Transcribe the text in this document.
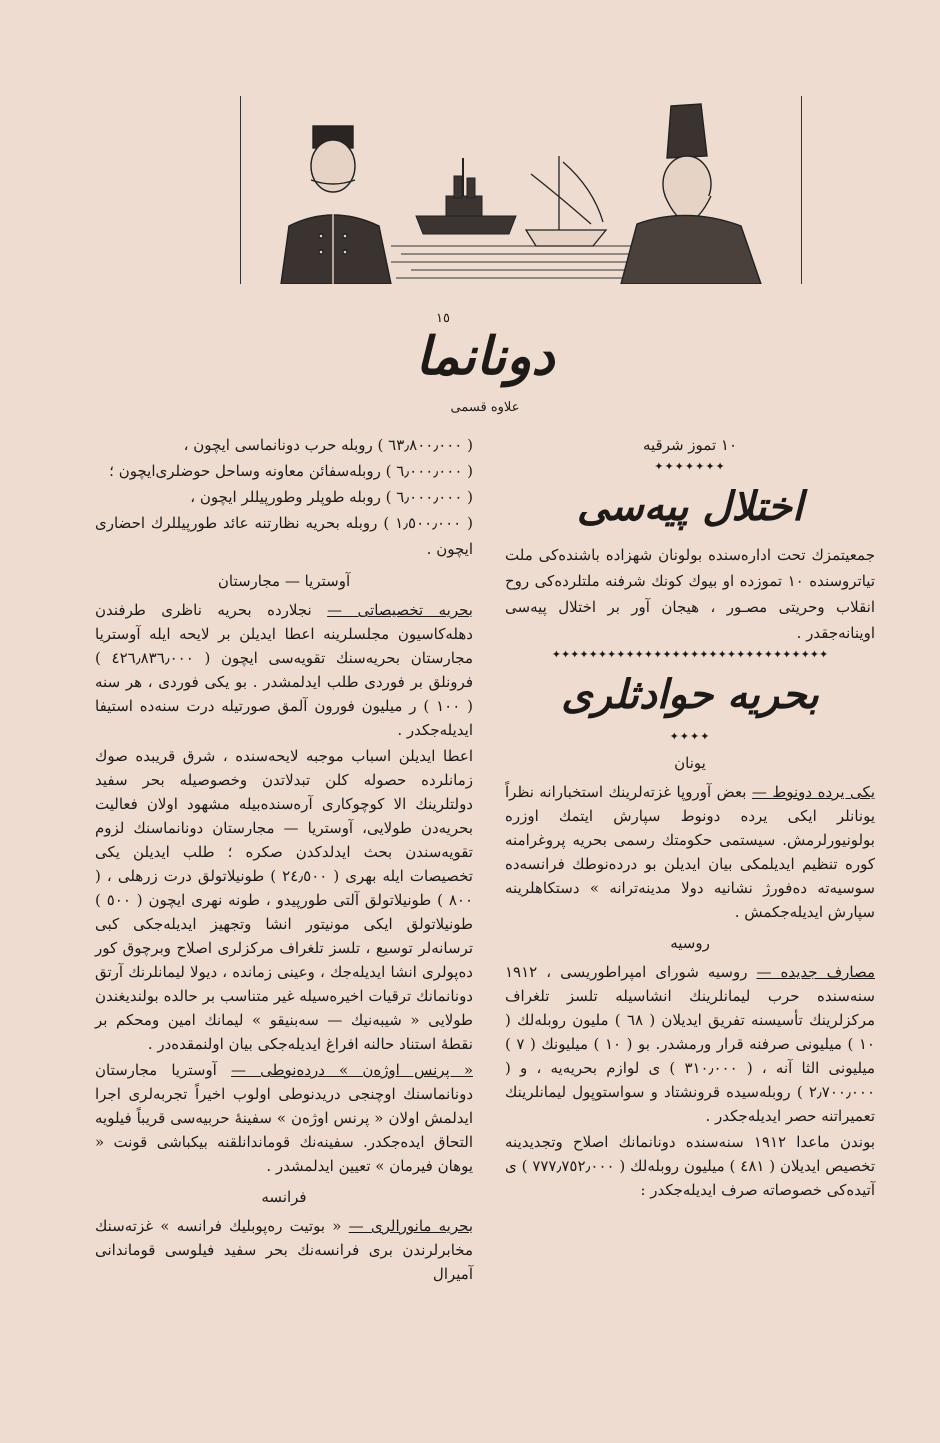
١٥
دونانما
علاوه قسمی
١٠ تموز شرقیه
✦✦✦✦✦✦✦
اختلال پیه‌سی

جمعیتمزك تحت اداره‌سنده بولونان شهزاده باشنده‌کی ملت تیاتروسنده ١٠ تموزده او بیوك کونك شرفنه ملتلرده‌کی روح انقلاب وحریتی مصـور ، هیجان آور بر اختلال پیه‌سی اوینانه‌جقدر .

✦✦✦✦✦✦✦✦✦✦✦✦✦✦✦✦✦✦✦✦✦✦✦✦✦✦✦✦✦✦
بحریه حوادثلری
✦✦✦✦
یونان

یکی یرده دونوط — بعض آوروپا غزته‌لرینك استخبارانه نظراً یونانلر ایکی یرده دونوط سپارش ایتمك اوزره بولونیورلرمش. سیستمی حکومتك رسمی بحریه پروغرامنه کوره تنظیم ایدیلمکی بیان ایدیلن بو درده‌نوطك فرانسه‌ده سوسیه‌ته ده‌فورژ نشانیه دولا مدینه‌ترانه » دستکاهلرینه سپارش ایدیله‌جکمش .

روسیه

مصارف جدیده — روسیه شورای امپراطوریسی ، ١٩١٢ سنه‌سنده حرب لیمانلرینك انشاسیله تلسز تلغراف مرکزلرینك تأسیسنه تفریق ایدیلان ( ٦٨ ) ملیون روبله‌لك ( ١٠ ) میلیونی صرفنه قرار ورمشدر. بو ( ١٠ ) میلیونك ( ٧ ) میلیونی الثا آنه ، ( ٣١٠٫٠٠٠ ) ی لوازم بحریه‌یه ، و ( ٢٫٧٠٠٫٠٠٠ ) روبله‌سیده قرونشتاد و سواستوپول لیمانلرینك تعمیراتنه حصر ایدیله‌جکدر .

بوندن ماعدا ١٩١٢ سنه‌سنده دونانمانك اصلاح وتجدیدینه تخصیص ایدیلان ( ٤٨١ ) میلیون روبله‌لك ( ٧٧٧٫٧٥٢٫٠٠٠ ) ی آتیده‌کی خصوصاته صرف ایدیله‌جکدر :

( ٦٣٫٨٠٠٫٠٠٠ ) روبله حرب دونانماسی ایچون ،
( ٦٫٠٠٠٫٠٠٠ ) روبله‌سفائن معاونه وساحل حوضلری‌ایچون ؛
( ٦٫٠٠٠٫٠٠٠ ) روبله طوپلر وطورپیللر ایچون ،
( ١٫٥٠٠٫٠٠٠ ) روبله بحریه نظارتنه عائد طورپیللرك احضاری ایچون .
آوستریا — مجارستان

بحریه تخصیصاتی — نجلارده بحریه ناظری طرفندن دهله‌کاسیون مجلسلرینه اعطا ایدیلن بر لایحه ایله آوستریا مجارستان بحریه‌سنك تقویه‌سی ایچون ( ٤٢٦٫٨٣٦٫٠٠٠ ) فرونلق بر فوردی طلب ایدلمشدر . بو یکی فوردی ، هر سنه ( ١٠٠ ) ر میلیون فورون آلمق صورتیله درت سنه‌ده استیفا ایدیله‌جکدر .

اعطا ایدیلن اسباب موجبه لایحه‌سنده ، شرق قریبده صوك زمانلرده حصوله کلن تبدلاتدن وخصوصیله بحر سفید دولتلرینك الا کوچوکاری آره‌سنده‌بیله مشهود اولان فعالیت بحریه‌دن طولایی، آوستریا — مجارستان دونانماسنك لزوم تقویه‌سندن بحث ایدلدکدن صکره ؛ طلب ایدیلن یکی تخصیصات ایله بهری ( ٢٤٫٥٠٠ ) طونیلاتولق درت زرهلی ، ( ٨٠٠ ) طونیلاتولق آلتی طورپیدو ، طونه نهری ایچون ( ٥٠٠ ) طونیلاتولق ایکی مونیتور انشا وتجهیز ایدیله‌جکی کبی ترسانه‌لر توسیع ، تلسز تلغراف مرکزلری اصلاح وبرچوق کور ده‌پولری انشا ایدیله‌جك ، وعینی زمانده ، دیولا لیمانلرنك آرتق دونانمانك ترقیات اخیره‌سیله غیر متناسب بر حالده بولندیغندن طولایی « شیبه‌نیك — سه‌بنیقو » لیمانك امین ومحکم بر نقطهٔ استناد حالنه افراغ ایدیله‌جکی بیان اولنمقده‌در .

« پرنس اوژه‌ن » درده‌نوطی — آوستریا مجارستان دونانماسنك اوچنجی دریدنوطی اولوب اخیراً تجربه‌لری اجرا ایدلمش اولان « پرنس اوژه‌ن » سفینهٔ حربیه‌سی قریباً فیلویه التحاق ایده‌جکدر. سفینه‌نك قوماندانلقنه بیکباشی قونت « یوهان فیرمان » تعیین ایدلمشدر .

فرانسه

بحریه مانورالری — « بوتیت ره‌پوبلیك فرانسه » غزته‌سنك مخابرلرندن بری فرانسه‌نك بحر سفید فیلوسی قوماندانی آمیرال
